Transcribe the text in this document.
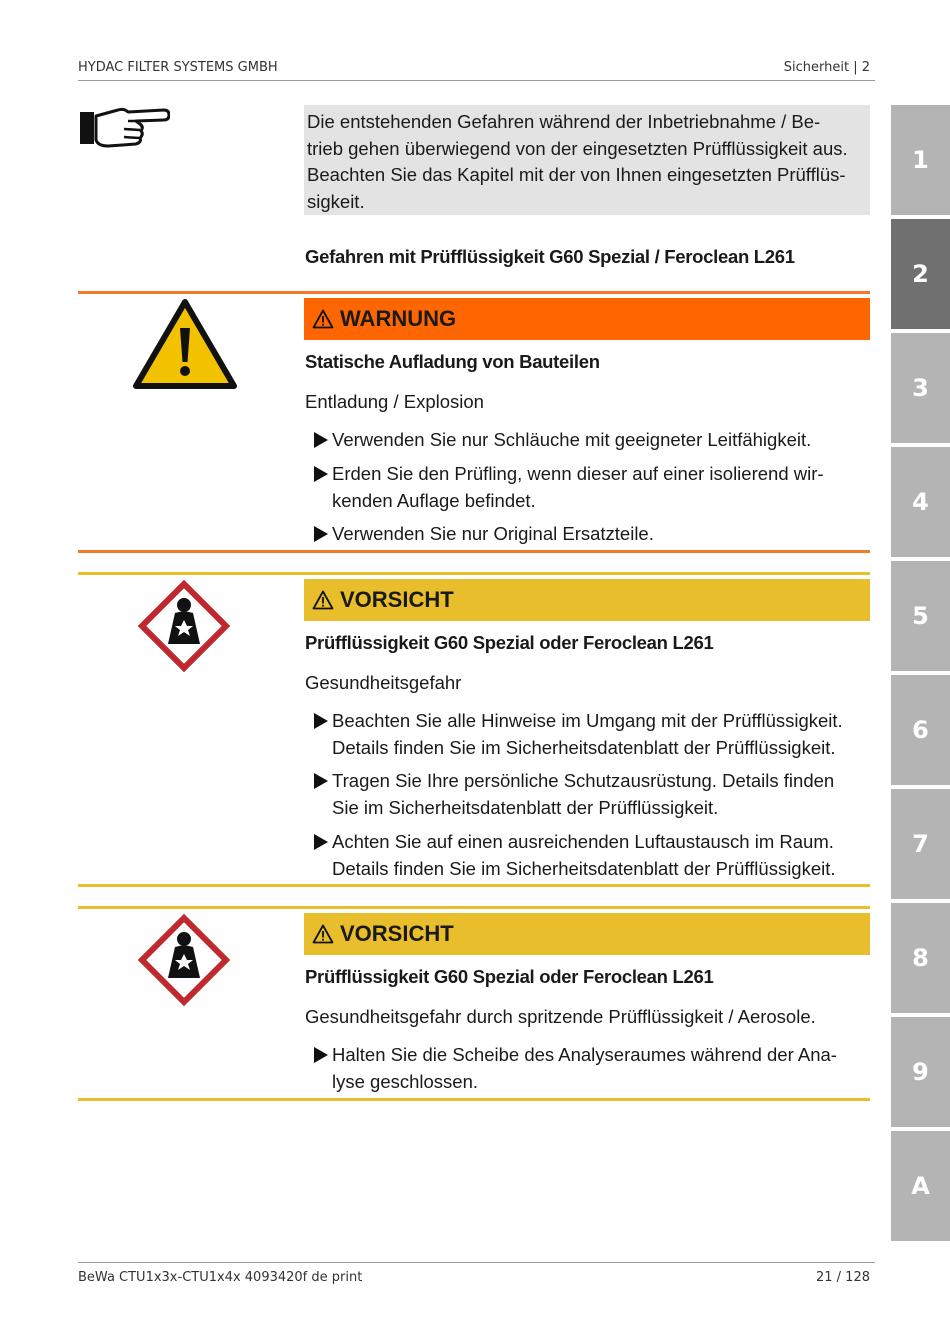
HYDAC FILTER SYSTEMS GMBH	Sicherheit | 2
Die entstehenden Gefahren während der Inbetriebnahme / Be-
trieb gehen überwiegend von der eingesetzten Prüfflüssigkeit aus.
Beachten Sie das Kapitel mit der von Ihnen eingesetzten Prüfflüs-
sigkeit.
Gefahren mit Prüfflüssigkeit G60 Spezial / Feroclean L261
WARNUNG
Statische Aufladung von Bauteilen
Entladung / Explosion
Verwenden Sie nur Schläuche mit geeigneter Leitfähigkeit.
Erden Sie den Prüfling, wenn dieser auf einer isolierend wir-
kenden Auflage befindet.
Verwenden Sie nur Original Ersatzteile.
VORSICHT
Prüfflüssigkeit G60 Spezial oder Feroclean L261
Gesundheitsgefahr
Beachten Sie alle Hinweise im Umgang mit der Prüfflüssigkeit.
Details finden Sie im Sicherheitsdatenblatt der Prüfflüssigkeit.
Tragen Sie Ihre persönliche Schutzausrüstung. Details finden
Sie im Sicherheitsdatenblatt der Prüfflüssigkeit.
Achten Sie auf einen ausreichenden Luftaustausch im Raum.
Details finden Sie im Sicherheitsdatenblatt der Prüfflüssigkeit.
VORSICHT
Prüfflüssigkeit G60 Spezial oder Feroclean L261
Gesundheitsgefahr durch spritzende Prüfflüssigkeit / Aerosole.
Halten Sie die Scheibe des Analyseraumes während der Ana-
lyse geschlossen.
1
2
3
4
5
6
7
8
9
A
BeWa CTU1x3x-CTU1x4x 4093420f de print	21 / 128
